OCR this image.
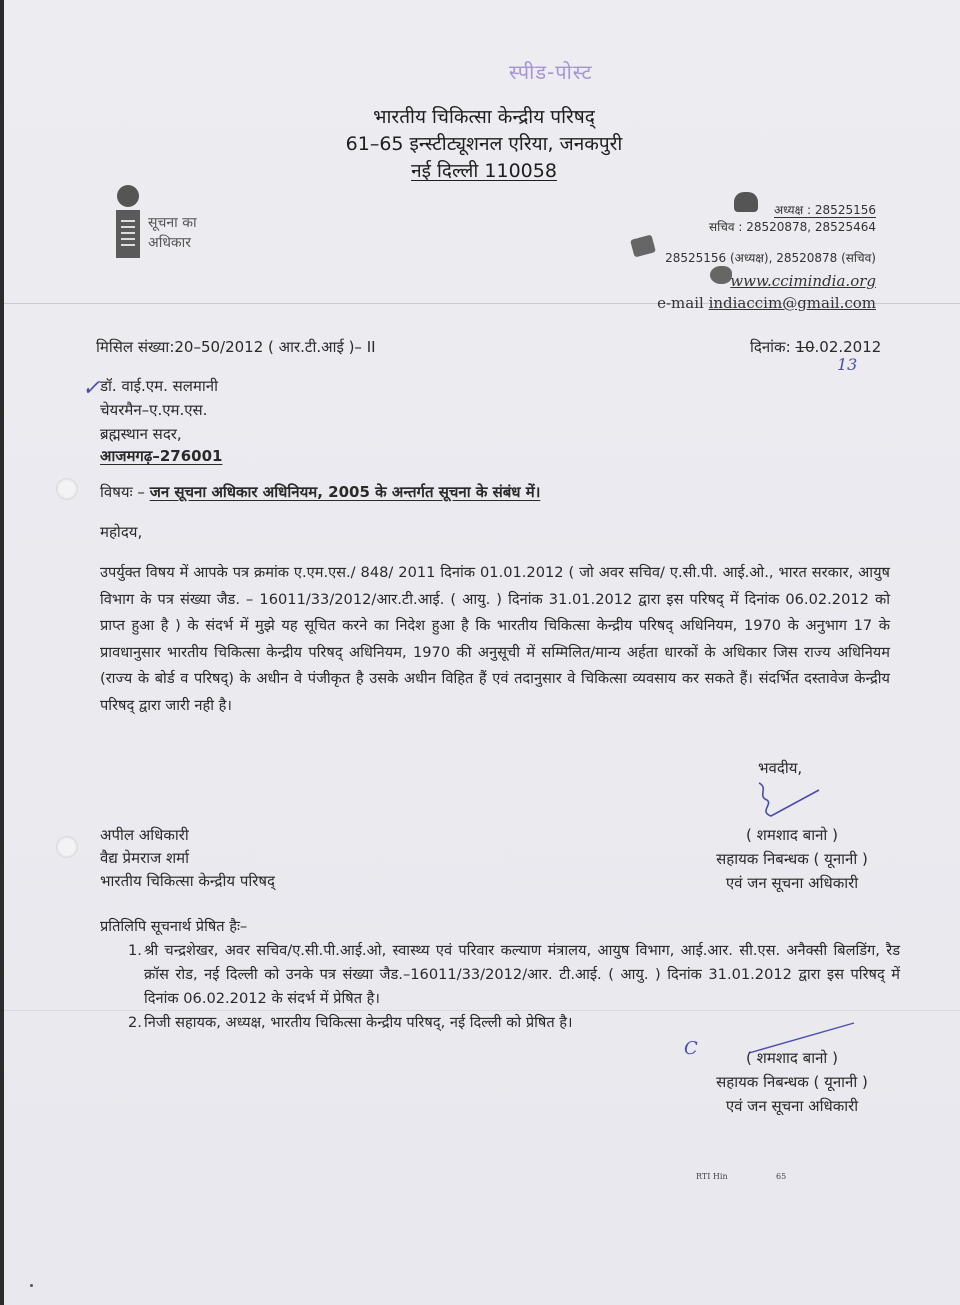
स्पीड-पोस्ट
भारतीय चिकित्सा केन्द्रीय परिषद्
61–65 इन्स्टीट्यूशनल एरिया, जनकपुरी
नई दिल्ली 110058
सूचना का
अधिकार
अध्यक्ष : 28525156
सचिव : 28520878, 28525464
28525156 (अध्यक्ष), 28520878 (सचिव)
www.ccimindia.org
e-mail indiaccim@gmail.com
मिसिल संख्या:20–50/2012 ( आर.टी.आई )– II	दिनांक: 10.02.2012
13
✓ डॉ. वाई.एम. सलमानी
चेयरमैन–ए.एम.एस.
ब्रह्मस्थान सदर,
आजमगढ़–276001
विषयः – जन सूचना अधिकार अधिनियम, 2005 के अन्तर्गत सूचना के संबंध में।
महोदय,
उपर्युक्त विषय में आपके पत्र क्रमांक ए.एम.एस./ 848/ 2011 दिनांक 01.01.2012 ( जो अवर सचिव/ ए.सी.पी. आई.ओ., भारत सरकार, आयुष विभाग के पत्र संख्या जैड. – 16011/33/2012/आर.टी.आई. ( आयु. ) दिनांक 31.01.2012 द्वारा इस परिषद् में दिनांक 06.02.2012 को प्राप्त हुआ है ) के संदर्भ में मुझे यह सूचित करने का निदेश हुआ है कि भारतीय चिकित्सा केन्द्रीय परिषद् अधिनियम, 1970 के अनुभाग 17 के प्रावधानुसार भारतीय चिकित्सा केन्द्रीय परिषद् अधिनियम, 1970 की अनुसूची में सम्मिलित/मान्य अर्हता धारकों के अधिकार जिस राज्य अधिनियम (राज्य के बोर्ड व परिषद्) के अधीन वे पंजीकृत है उसके अधीन विहित हैं एवं तदानुसार वे चिकित्सा व्यवसाय कर सकते हैं। संदर्भित दस्तावेज केन्द्रीय परिषद् द्वारा जारी नही है।
भवदीय,
( शमशाद बानो )
सहायक निबन्धक ( यूनानी )
एवं जन सूचना अधिकारी
अपील अधिकारी
वैद्य प्रेमराज शर्मा
भारतीय चिकित्सा केन्द्रीय परिषद्
प्रतिलिपि सूचनार्थ प्रेषित हैः–
1. श्री चन्द्रशेखर, अवर सचिव/ए.सी.पी.आई.ओ, स्वास्थ्य एवं परिवार कल्याण मंत्रालय, आयुष विभाग, आई.आर. सी.एस. अनैक्सी बिलडिंग, रैड क्रॉस रोड, नई दिल्ली को उनके पत्र संख्या जैड.–16011/33/2012/आर. टी.आई. ( आयु. ) दिनांक 31.01.2012 द्वारा इस परिषद् में दिनांक 06.02.2012 के संदर्भ में प्रेषित है।
2. निजी सहायक, अध्यक्ष, भारतीय चिकित्सा केन्द्रीय परिषद्, नई दिल्ली को प्रेषित है।
C	( शमशाद बानो )
सहायक निबन्धक ( यूनानी )
एवं जन सूचना अधिकारी
RTI Hin	65
